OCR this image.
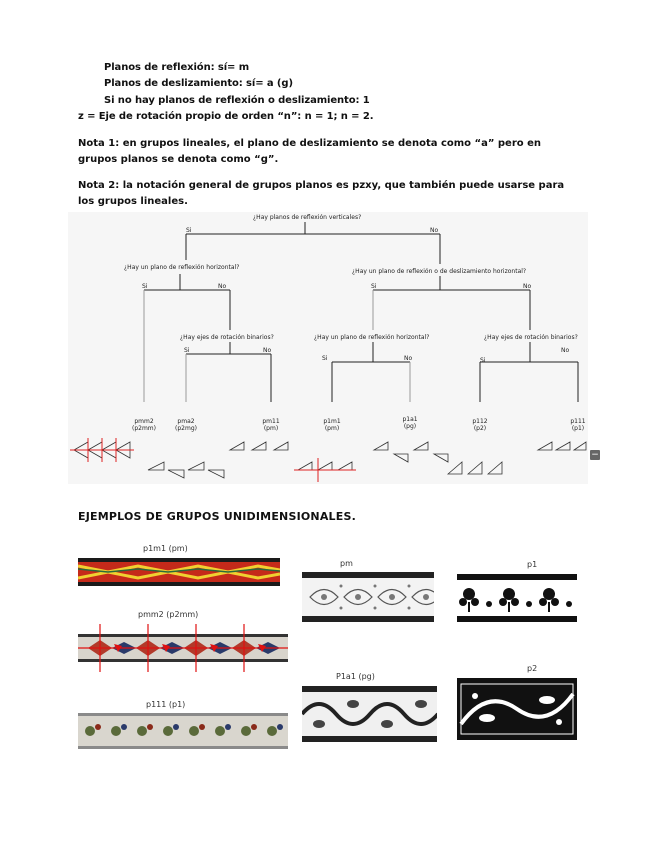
Planos de reflexión: sí= m
Planos de deslizamiento: sí= a (g)
Si no hay planos de reflexión o deslizamiento: 1
z = Eje de rotación propio de orden “n”: n = 1; n = 2.
Nota 1: en grupos lineales, el plano de deslizamiento se denota como “a” pero en grupos planos se denota como “g”.
Nota 2: la notación general de grupos planos es pzxy, que también puede usarse para los grupos lineales.
¿Hay planos de reflexión verticales?
Si	No
¿Hay un plano de reflexión horizontal?
Si	No
¿Hay un plano de reflexión o de deslizamiento horizontal?
Si	No
¿Hay ejes de rotación binarios?
Si	No
¿Hay un plano de reflexión horizontal?
Si	No
¿Hay ejes de rotación binarios?
Si
No
pmm2
(p2mm)
pma2
(p2mg)
pm11
(pm)
p1m1
(pm)
p1a1
(pg)
p112
(p2)
p111
(p1)
−
EJEMPLOS DE GRUPOS UNIDIMENSIONALES.
p1m1 (pm)
pmm2 (p2mm)
p111 (p1)
pm	p1
P1a1 (pg)
p2
